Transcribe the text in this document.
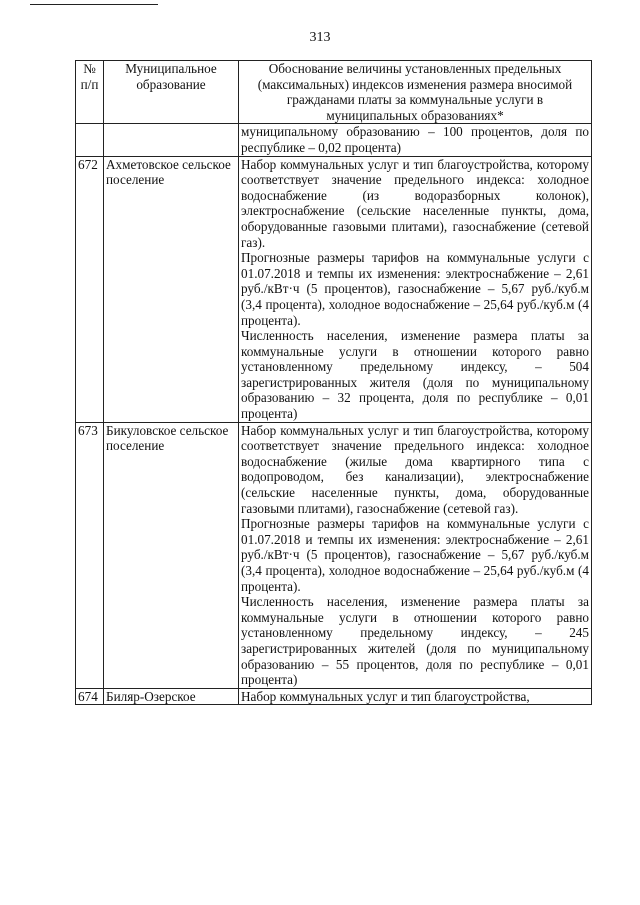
313
№ п/п	Муниципальное образование	Обоснование величины установленных предельных (максимальных) индексов изменения размера вносимой гражданами платы за коммунальные услуги в муниципальных образованиях*

		муниципальному образованию – 100 процентов, доля по республике – 0,02 процента)

672	Ахметовское сельское поселение	Набор коммунальных услуг и тип благоустройства, которому соответствует значение предельного индекса: холодное водоснабжение (из водоразборных колонок), электроснабжение (сельские населенные пункты, дома, оборудованные газовыми плитами), газоснабжение (сетевой газ).

Прогнозные размеры тарифов на коммунальные услуги с 01.07.2018 и темпы их изменения: электроснабжение – 2,61 руб./кВт·ч (5 процентов), газоснабжение – 5,67 руб./куб.м (3,4 процента), холодное водоснабжение – 25,64 руб./куб.м (4 процента).

Численность населения, изменение размера платы за коммунальные услуги в отношении которого равно установленному предельному индексу, – 504 зарегистрированных жителя (доля по муниципальному образованию – 32 процента, доля по республике – 0,01 процента)

673	Бикуловское сельское поселение	Набор коммунальных услуг и тип благоустройства, которому соответствует значение предельного индекса: холодное водоснабжение (жилые дома квартирного типа с водопроводом, без канализации), электроснабжение (сельские населенные пункты, дома, оборудованные газовыми плитами), газоснабжение (сетевой газ).

Прогнозные размеры тарифов на коммунальные услуги с 01.07.2018 и темпы их изменения: электроснабжение – 2,61 руб./кВт·ч (5 процентов), газоснабжение – 5,67 руб./куб.м (3,4 процента), холодное водоснабжение – 25,64 руб./куб.м (4 процента).

Численность населения, изменение размера платы за коммунальные услуги в отношении которого равно установленному предельному индексу, – 245 зарегистрированных жителей (доля по муниципальному образованию – 55 процентов, доля по республике – 0,01 процента)

674	Биляр-Озерское	Набор коммунальных услуг и тип благоустройства,
